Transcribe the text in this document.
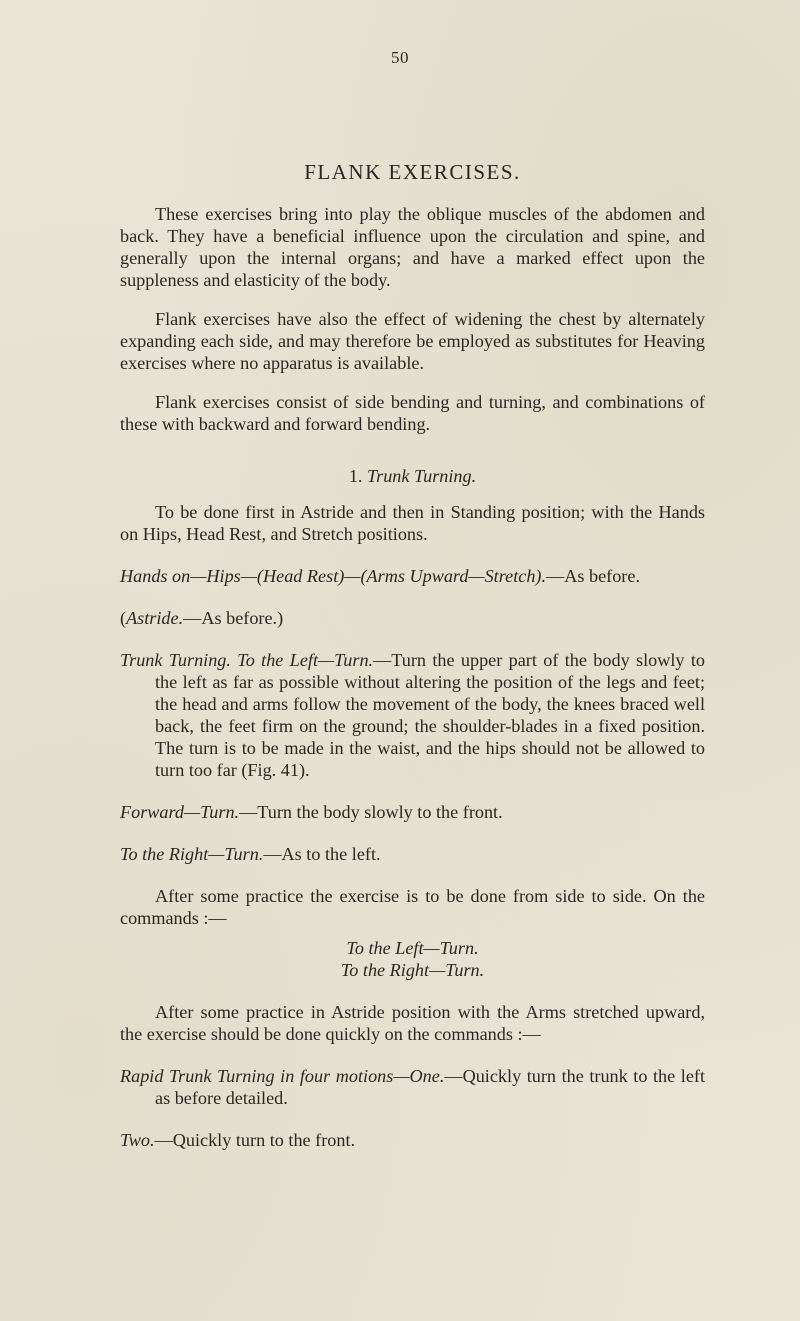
50
FLANK EXERCISES.

These exercises bring into play the oblique muscles of the abdomen and back. They have a beneficial influence upon the circulation and spine, and generally upon the internal organs; and have a marked effect upon the suppleness and elasticity of the body.

Flank exercises have also the effect of widening the chest by alternately expanding each side, and may therefore be employed as substitutes for Heaving exercises where no apparatus is available.

Flank exercises consist of side bending and turning, and combinations of these with backward and forward bending.

1. Trunk Turning.

To be done first in Astride and then in Standing position; with the Hands on Hips, Head Rest, and Stretch positions.

Hands on—Hips—(Head Rest)—(Arms Upward—Stretch).—As before.

(Astride.—As before.)

Trunk Turning. To the Left—Turn.—Turn the upper part of the body slowly to the left as far as possible without altering the position of the legs and feet; the head and arms follow the movement of the body, the knees braced well back, the feet firm on the ground; the shoulder-blades in a fixed position. The turn is to be made in the waist, and the hips should not be allowed to turn too far (Fig. 41).

Forward—Turn.—Turn the body slowly to the front.

To the Right—Turn.—As to the left.

After some practice the exercise is to be done from side to side. On the commands :—

To the Left—Turn.

To the Right—Turn.

After some practice in Astride position with the Arms stretched upward, the exercise should be done quickly on the commands :—

Rapid Trunk Turning in four motions—One.—Quickly turn the trunk to the left as before detailed.

Two.—Quickly turn to the front.
